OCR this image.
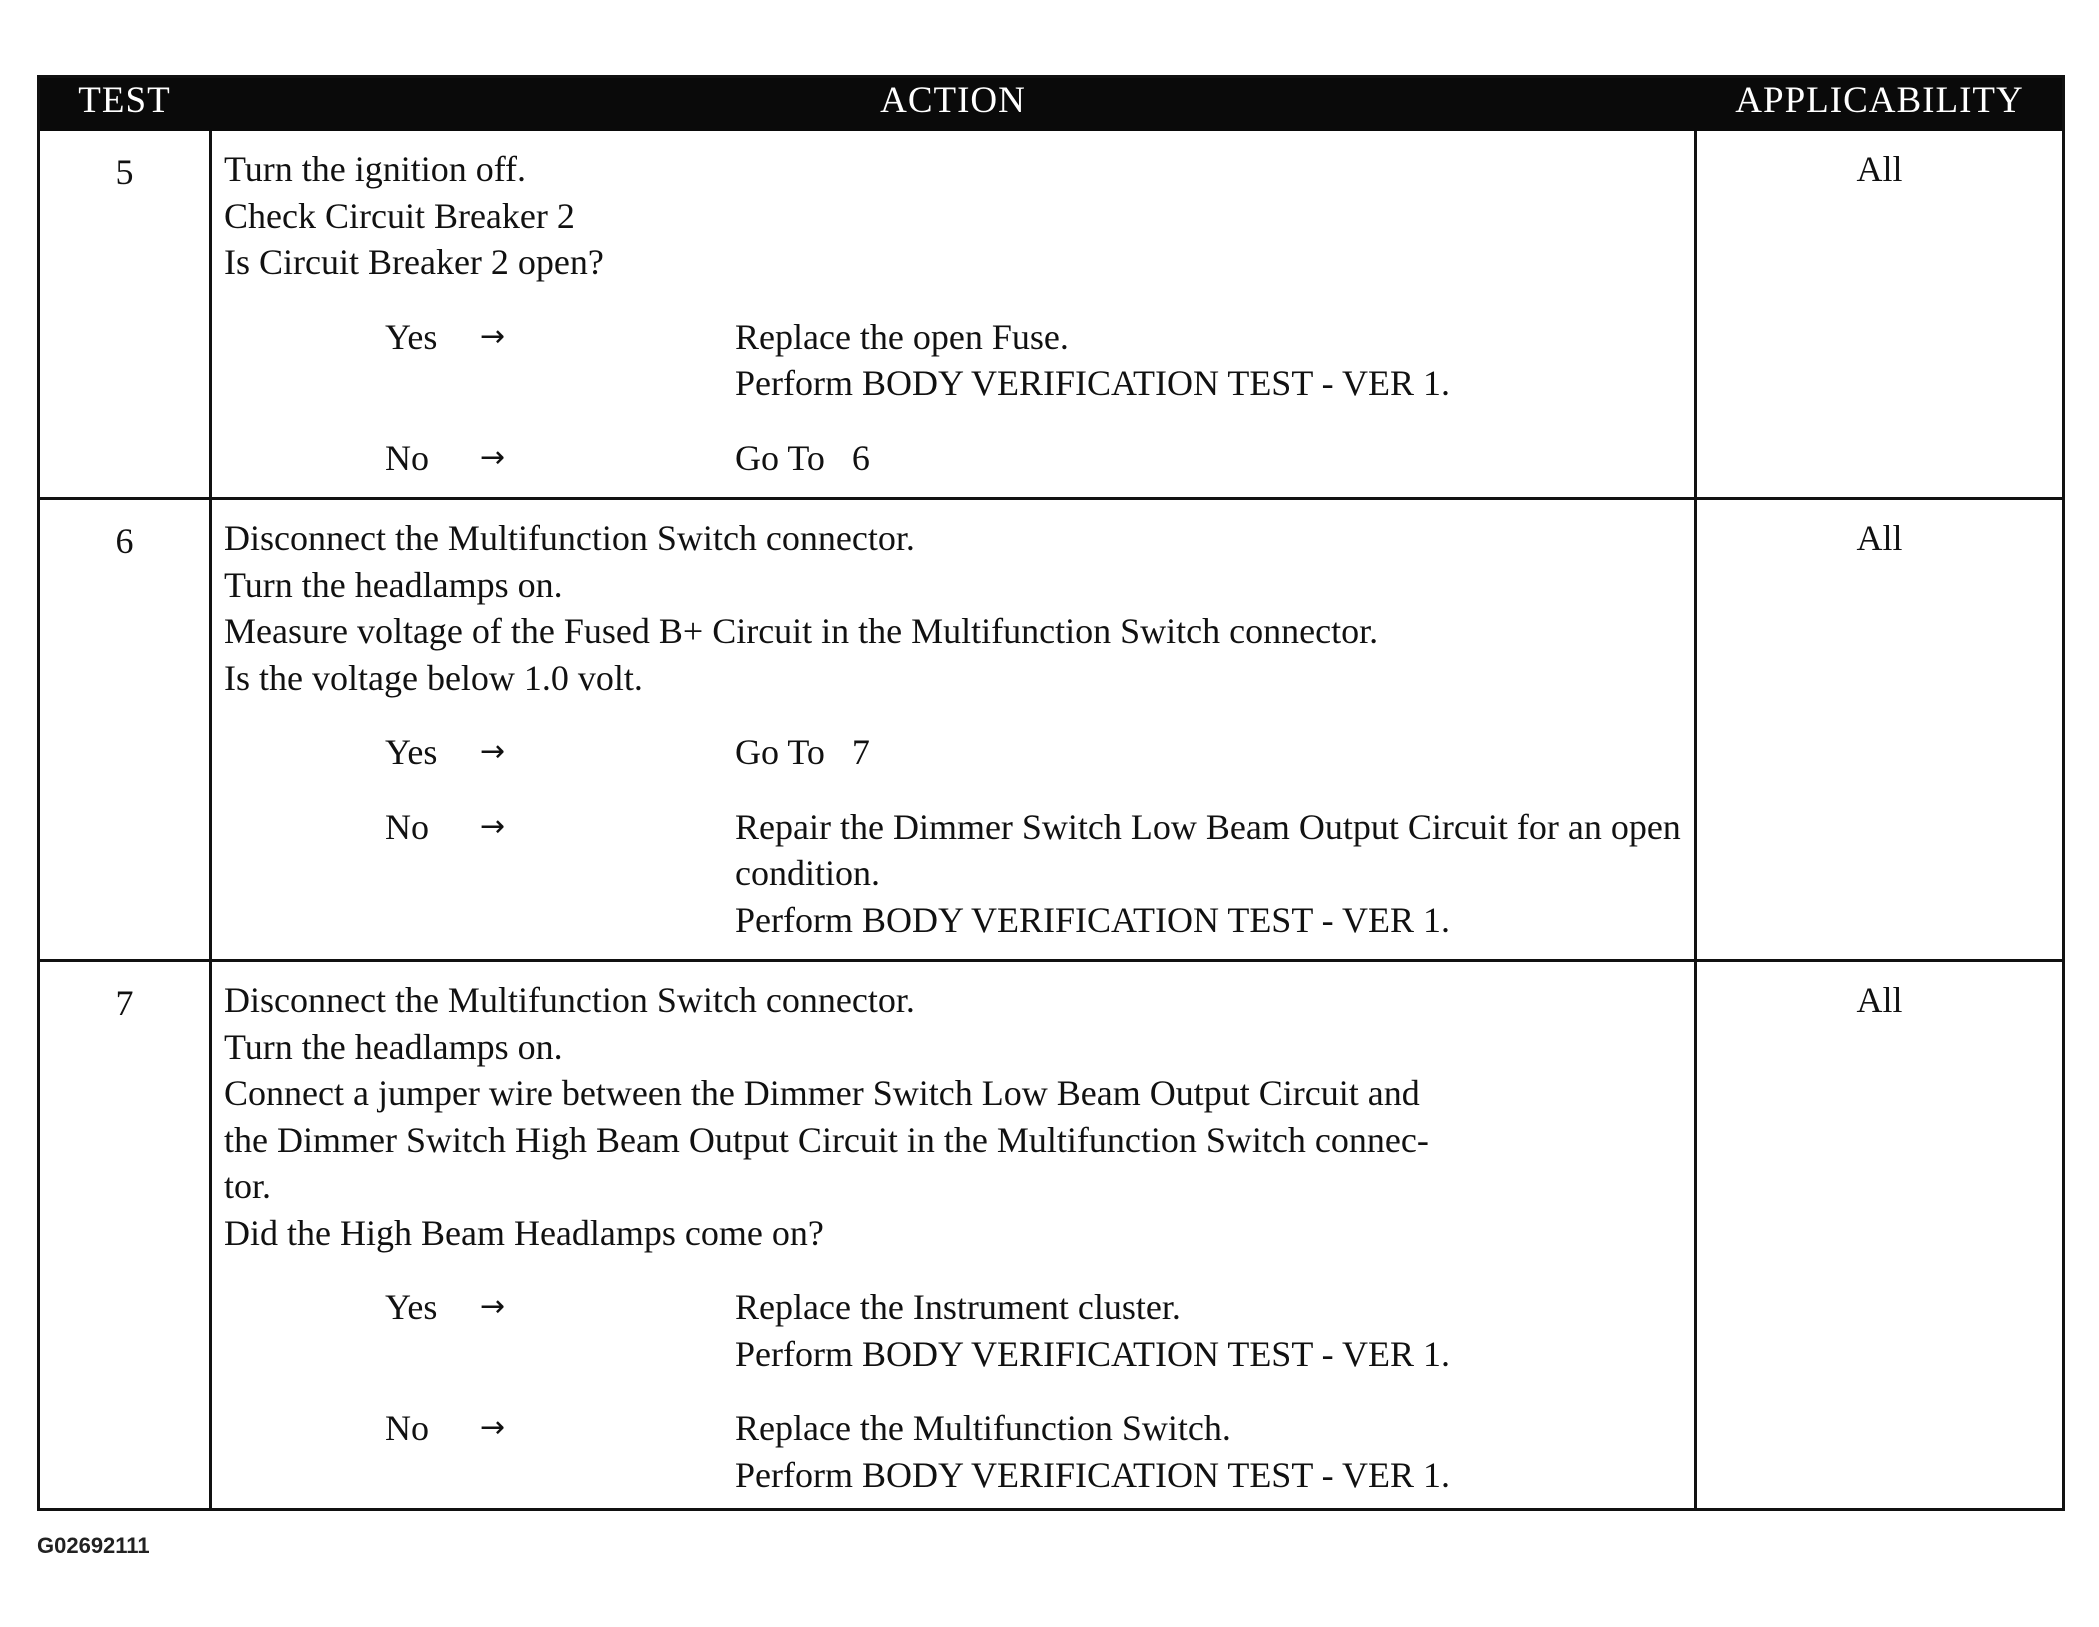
TEST	ACTION	APPLICABILITY
5	Turn the ignition off.
Check Circuit Breaker 2
Is Circuit Breaker 2 open?
Yes →	Replace the open Fuse.
Perform BODY VERIFICATION TEST - VER 1.
No →	Go To   6
All
6	Disconnect the Multifunction Switch connector.
Turn the headlamps on.
Measure voltage of the Fused B+ Circuit in the Multifunction Switch connector.
Is the voltage below 1.0 volt.
Yes →	Go To   7
No →	Repair the Dimmer Switch Low Beam Output Circuit for an open
condition.
Perform BODY VERIFICATION TEST - VER 1.
All
7	Disconnect the Multifunction Switch connector.
Turn the headlamps on.
Connect a jumper wire between the Dimmer Switch Low Beam Output Circuit and
the Dimmer Switch High Beam Output Circuit in the Multifunction Switch connec-
tor.
Did the High Beam Headlamps come on?
Yes →	Replace the Instrument cluster.
Perform BODY VERIFICATION TEST - VER 1.
No →	Replace the Multifunction Switch.
Perform BODY VERIFICATION TEST - VER 1.
All
G02692111
